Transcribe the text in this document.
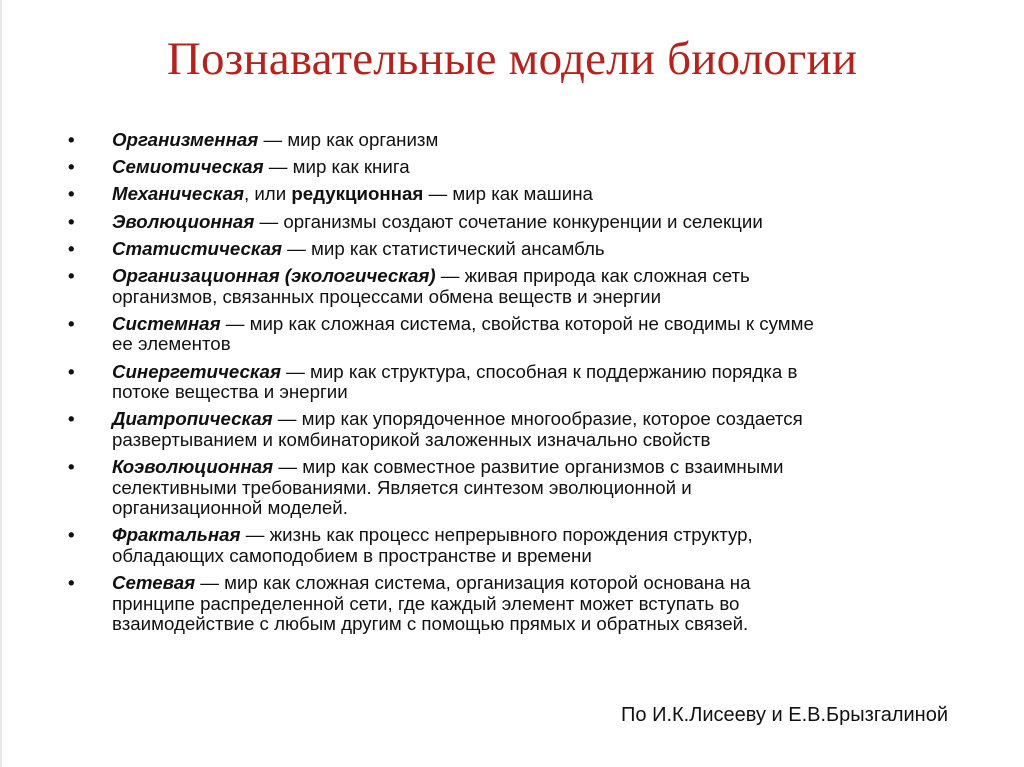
Познавательные модели биологии
•	Организменная — мир как организм
•	Семиотическая — мир как книга
•	Механическая, или редукционная — мир как машина
•	Эволюционная — организмы создают сочетание конкуренции и селекции
•	Статистическая — мир как статистический ансамбль
•	Организационная (экологическая) — живая природа как сложная сеть
организмов, связанных процессами обмена веществ и энергии
•	Системная — мир как сложная система, свойства которой не сводимы к сумме
ее элементов
•	Синергетическая — мир как структура, способная к поддержанию порядка в
потоке вещества и энергии
•	Диатропическая — мир как упорядоченное многообразие, которое создается
развертыванием и комбинаторикой заложенных изначально свойств
•	Коэволюционная — мир как совместное развитие организмов с взаимными
селективными требованиями. Является синтезом эволюционной и
организационной моделей.
•	Фрактальная — жизнь как процесс непрерывного порождения структур,
обладающих самоподобием в пространстве и времени
•	Сетевая — мир как сложная система, организация которой основана на
принципе распределенной сети, где каждый элемент может вступать во
взаимодействие с любым другим с помощью прямых и обратных связей.
По И.К.Лисееву и Е.В.Брызгалиной
